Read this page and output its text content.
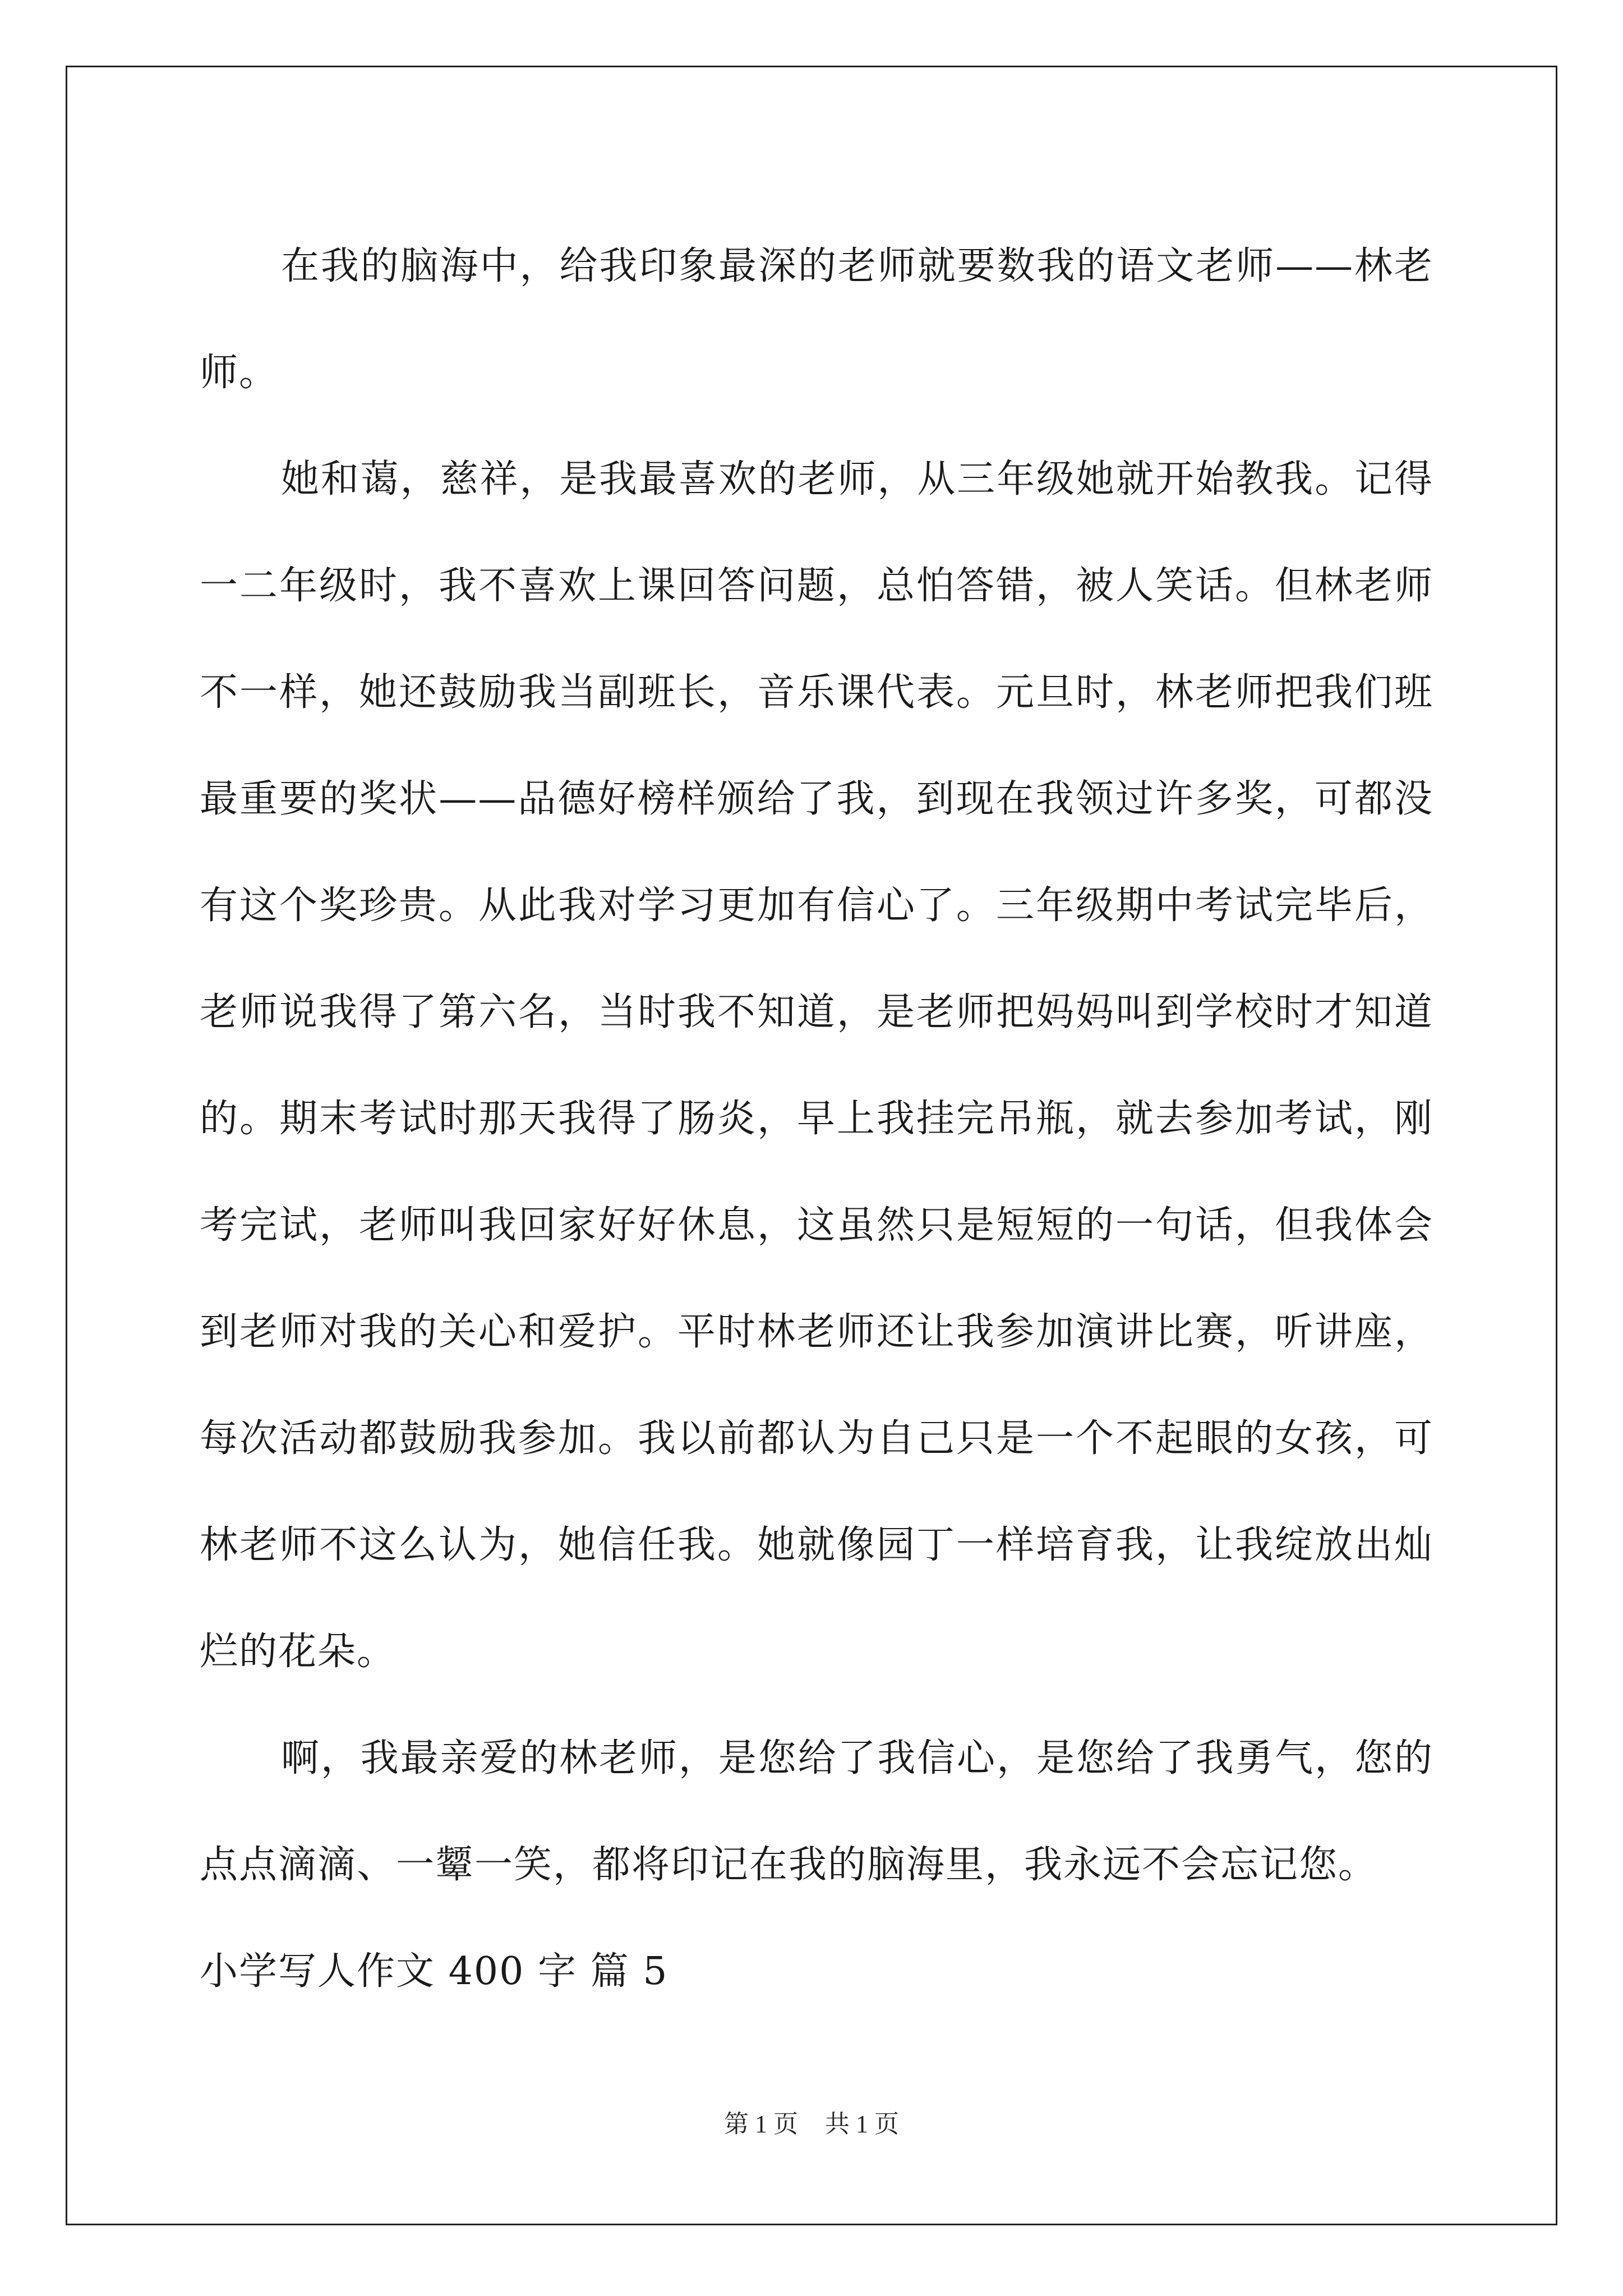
在我的脑海中，给我印象最深的老师就要数我的语文老师——林老师。

她和蔼，慈祥，是我最喜欢的老师，从三年级她就开始教我。记得一二年级时，我不喜欢上课回答问题，总怕答错，被人笑话。但林老师不一样，她还鼓励我当副班长，音乐课代表。元旦时，林老师把我们班最重要的奖状——品德好榜样颁给了我，到现在我领过许多奖，可都没有这个奖珍贵。从此我对学习更加有信心了。三年级期中考试完毕后，老师说我得了第六名，当时我不知道，是老师把妈妈叫到学校时才知道的。期末考试时那天我得了肠炎，早上我挂完吊瓶，就去参加考试，刚考完试，老师叫我回家好好休息，这虽然只是短短的一句话，但我体会到老师对我的关心和爱护。平时林老师还让我参加演讲比赛，听讲座，每次活动都鼓励我参加。我以前都认为自己只是一个不起眼的女孩，可林老师不这么认为，她信任我。她就像园丁一样培育我，让我绽放出灿烂的花朵。

啊，我最亲爱的林老师，是您给了我信心，是您给了我勇气，您的点点滴滴、一颦一笑，都将印记在我的脑海里，我永远不会忘记您。

小学写人作文 400 字 篇 5

第 1 页 共 1 页
